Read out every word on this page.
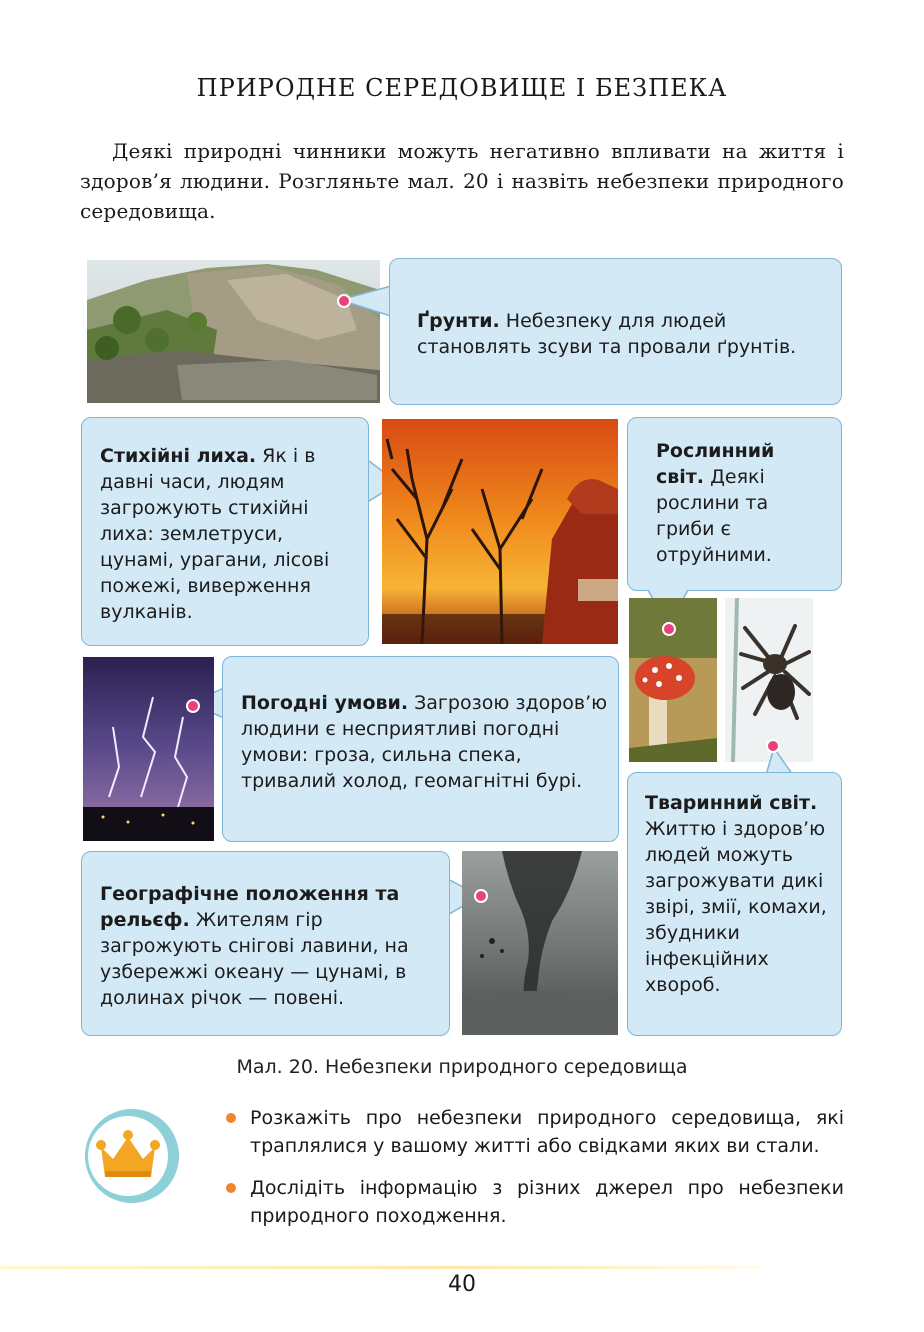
ПРИРОДНЕ СЕРЕДОВИЩЕ І БЕЗПЕКА
Деякі природні чинники можуть негативно впливати на життя і здоров’я людини. Розгляньте мал. 20 і назвіть небезпеки природного середовища.
Ґрунти. Небезпеку для людей становлять зсуви та провали ґрунтів.
Стихійні лиха. Як і в давні часи, людям загрожують стихійні лиха: землетруси, цунамі, урагани, лісові пожежі, виверження вулканів.
Рослинний світ. Деякі рослини та гриби є отруйними.
Погодні умови. Загрозою здоров’ю людини є несприятливі погодні умови: гроза, сильна спека, тривалий холод, геомагнітні бурі.
Тваринний світ. Життю і здоров’ю людей можуть загрожувати дикі звірі, змії, комахи, збудники інфекційних хвороб.
Географічне положення та рельєф. Жителям гір загрожують снігові лавини, на узбережжі океану — цунамі, в долинах річок — повені.
Мал. 20. Небезпеки природного середовища
Розкажіть про небезпеки природного середовища, які траплялися у вашому житті або свідками яких ви стали.
Дослідіть інформацію з різних джерел про небезпеки природного походження.
40
